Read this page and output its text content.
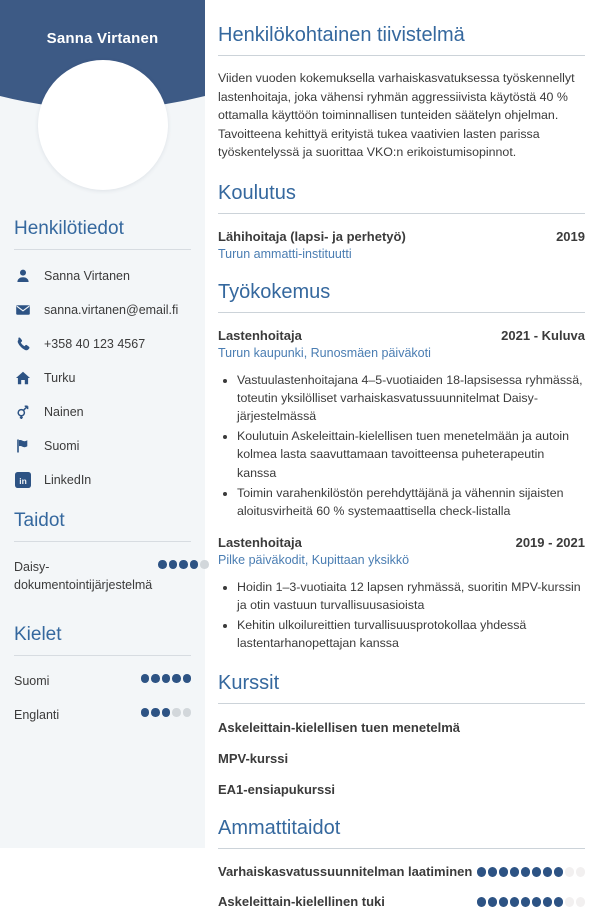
Sanna Virtanen
Henkilötiedot
Sanna Virtanen
sanna.virtanen@email.fi
+358 40 123 4567
Turku
Nainen
Suomi
in LinkedIn
Taidot
Daisy-dokumentointijärjestelmä
Kielet
Suomi
Englanti
Henkilökohtainen tiivistelmä

Viiden vuoden kokemuksella varhaiskasvatuksessa työskennellyt lastenhoitaja, joka vähensi ryhmän aggressiivista käytöstä 40 % ottamalla käyttöön toiminnallisen tunteiden säätelyn ohjelman. Tavoitteena kehittyä erityistä tukea vaativien lasten parissa työskentelyssä ja suorittaa VKO:n erikoistumisopinnot.

Koulutus
Lähihoitaja (lapsi- ja perhetyö)	2019
Turun ammatti-instituutti
Työkokemus
Lastenhoitaja	2021 - Kuluva
Turun kaupunki, Runosmäen päiväkoti
• Vastuulastenhoitajana 4–5-vuotiaiden 18-lapsisessa ryhmässä, toteutin yksilölliset varhaiskasvatussuunnitelmat Daisy-järjestelmässä
• Koulutuin Askeleittain-kielellisen tuen menetelmään ja autoin kolmea lasta saavuttamaan tavoitteensa puheterapeutin kanssa
• Toimin varahenkilöstön perehdyttäjänä ja vähennin sijaisten aloitusvirheitä 60 % systemaattisella check-listalla
Lastenhoitaja	2019 - 2021
Pilke päiväkodit, Kupittaan yksikkö
• Hoidin 1–3-vuotiaita 12 lapsen ryhmässä, suoritin MPV-kurssin ja otin vastuun turvallisuusasioista
• Kehitin ulkoilureittien turvallisuusprotokollaa yhdessä lastentarhanopettajan kanssa
Kurssit
Askeleittain-kielellisen tuen menetelmä
MPV-kurssi
EA1-ensiapukurssi
Ammattitaidot
Varhaiskasvatussuunnitelman laatiminen
Askeleittain-kielellinen tuki
